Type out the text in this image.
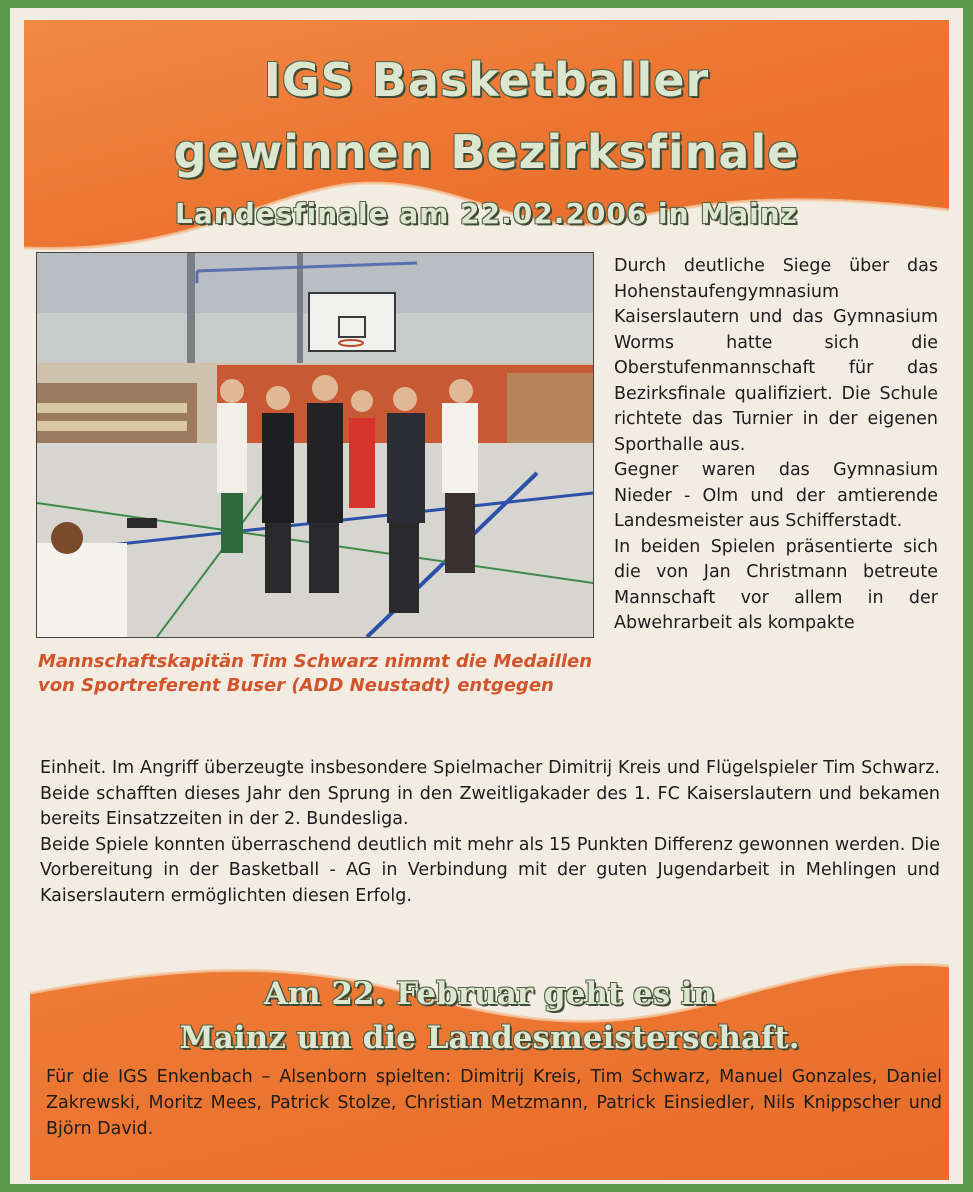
IGS Basketballer
gewinnen Bezirksfinale
Landesfinale am 22.02.2006 in Mainz

Mannschaftskapitän Tim Schwarz nimmt die Medaillen von Sportreferent Buser (ADD Neustadt) entgegen

Durch deutliche Siege über das Hohenstaufengymnasium Kaiserslautern und das Gymnasium Worms hatte sich die Oberstufenmannschaft für das Bezirksfinale qualifiziert. Die Schule richtete das Turnier in der eigenen Sporthalle aus.

Gegner waren das Gymnasium Nieder - Olm und der amtierende Landesmeister aus Schifferstadt.

In beiden Spielen präsentierte sich die von Jan Christmann betreute Mannschaft vor allem in der Abwehrarbeit als kompakte

Einheit. Im Angriff überzeugte insbesondere Spielmacher Dimitrij Kreis und Flügelspieler Tim Schwarz. Beide schafften dieses Jahr den Sprung in den Zweitligakader des 1. FC Kaiserslautern und bekamen bereits Einsatzzeiten in der 2. Bundesliga.

Beide Spiele konnten überraschend deutlich mit mehr als 15 Punkten Differenz gewonnen werden. Die Vorbereitung in der Basketball - AG in Verbindung mit der guten Jugendarbeit in Mehlingen und Kaiserslautern ermöglichten diesen Erfolg.

Am 22. Februar geht es in

Mainz um die Landesmeisterschaft.

Für die IGS Enkenbach – Alsenborn spielten: Dimitrij Kreis, Tim Schwarz, Manuel Gonzales, Daniel Zakrewski, Moritz Mees, Patrick Stolze, Christian Metzmann, Patrick Einsiedler, Nils Knippscher und Björn David.
